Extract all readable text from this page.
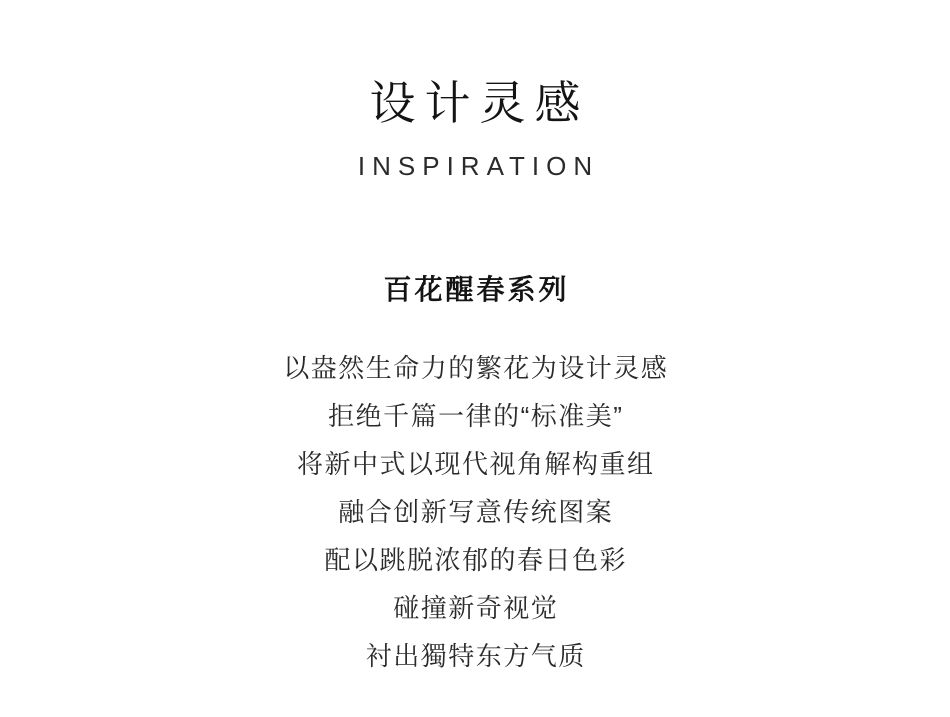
设计灵感
INSPIRATION
百花醒春系列
以盎然生命力的繁花为设计灵感
拒绝千篇一律的“标准美”
将新中式以现代视角解构重组
融合创新写意传统图案
配以跳脱浓郁的春日色彩
碰撞新奇视觉
衬出獨特东方气质
